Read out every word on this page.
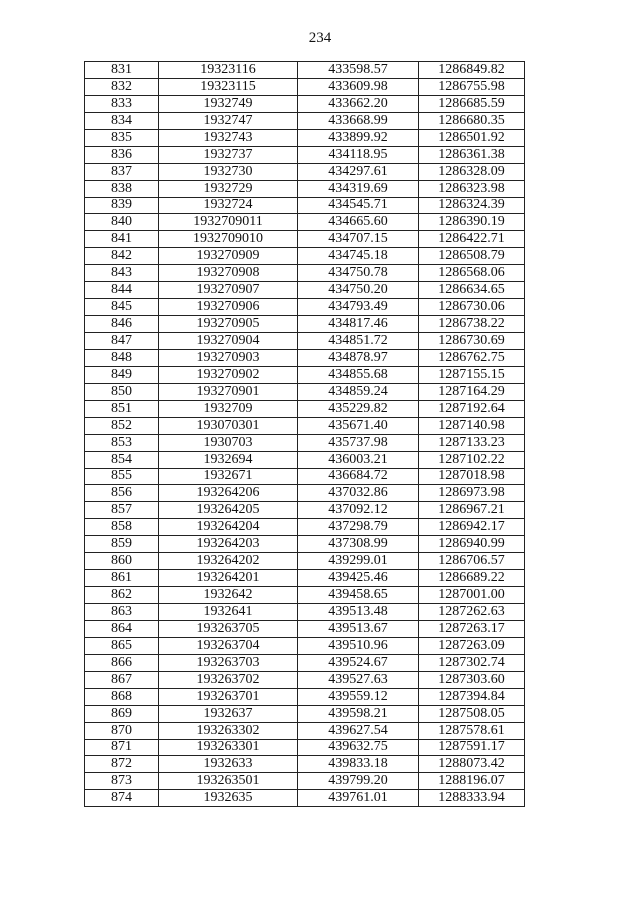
234
831	19323116	433598.57	1286849.82
832	19323115	433609.98	1286755.98
833	1932749	433662.20	1286685.59
834	1932747	433668.99	1286680.35
835	1932743	433899.92	1286501.92
836	1932737	434118.95	1286361.38
837	1932730	434297.61	1286328.09
838	1932729	434319.69	1286323.98
839	1932724	434545.71	1286324.39
840	1932709011	434665.60	1286390.19
841	1932709010	434707.15	1286422.71
842	193270909	434745.18	1286508.79
843	193270908	434750.78	1286568.06
844	193270907	434750.20	1286634.65
845	193270906	434793.49	1286730.06
846	193270905	434817.46	1286738.22
847	193270904	434851.72	1286730.69
848	193270903	434878.97	1286762.75
849	193270902	434855.68	1287155.15
850	193270901	434859.24	1287164.29
851	1932709	435229.82	1287192.64
852	193070301	435671.40	1287140.98
853	1930703	435737.98	1287133.23
854	1932694	436003.21	1287102.22
855	1932671	436684.72	1287018.98
856	193264206	437032.86	1286973.98
857	193264205	437092.12	1286967.21
858	193264204	437298.79	1286942.17
859	193264203	437308.99	1286940.99
860	193264202	439299.01	1286706.57
861	193264201	439425.46	1286689.22
862	1932642	439458.65	1287001.00
863	1932641	439513.48	1287262.63
864	193263705	439513.67	1287263.17
865	193263704	439510.96	1287263.09
866	193263703	439524.67	1287302.74
867	193263702	439527.63	1287303.60
868	193263701	439559.12	1287394.84
869	1932637	439598.21	1287508.05
870	193263302	439627.54	1287578.61
871	193263301	439632.75	1287591.17
872	1932633	439833.18	1288073.42
873	193263501	439799.20	1288196.07
874	1932635	439761.01	1288333.94
